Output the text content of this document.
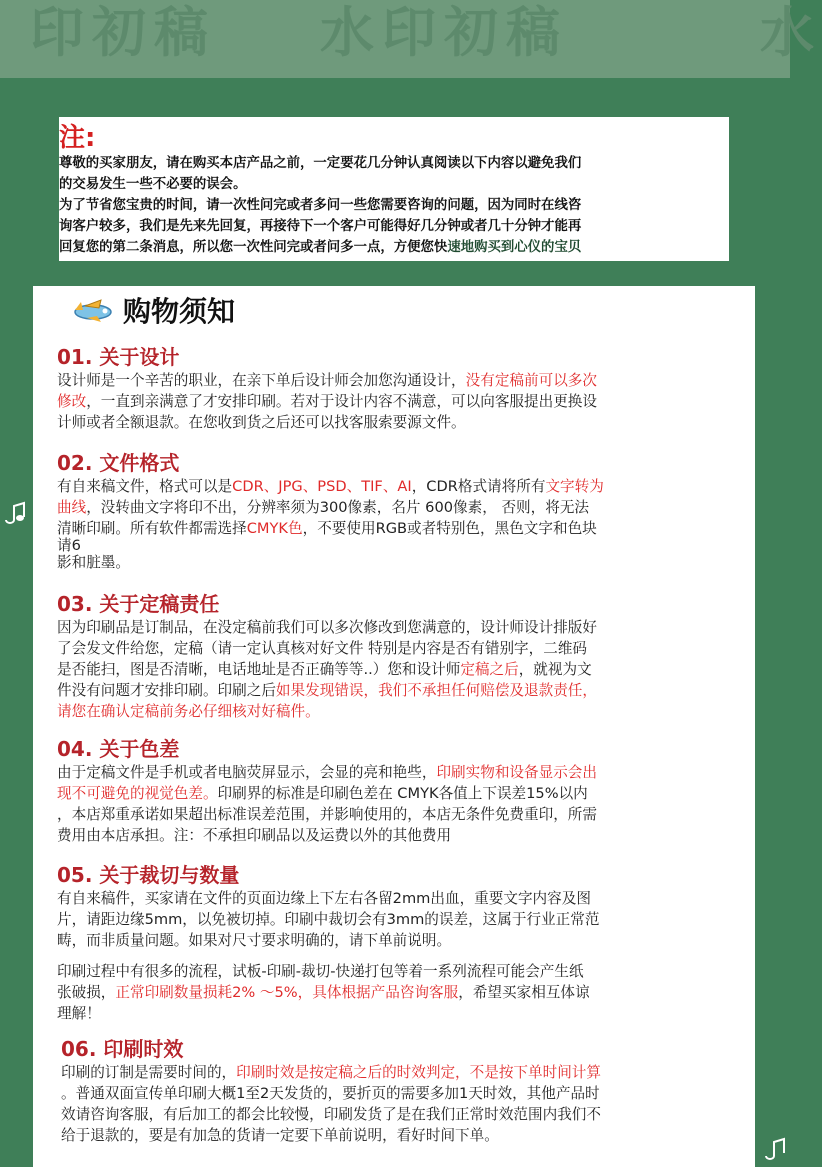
印初稿 水印初稿	水
注:
尊敬的买家朋友，请在购买本店产品之前，一定要花几分钟认真阅读以下内容以避免我们
的交易发生一些不必要的误会。
为了节省您宝贵的时间，请一次性问完或者多问一些您需要咨询的问题，因为同时在线咨
询客户较多，我们是先来先回复，再接待下一个客户可能得好几分钟或者几十分钟才能再
回复您的第二条消息，所以您一次性问完或者问多一点，方便您快速地购买到心仪的宝贝
购物须知
01. 关于设计
设计师是一个辛苦的职业，在亲下单后设计师会加您沟通设计，没有定稿前可以多次
修改，一直到亲满意了才安排印刷。若对于设计内容不满意，可以向客服提出更换设
计师或者全额退款。在您收到货之后还可以找客服索要源文件。
02. 文件格式
有自来稿文件，格式可以是CDR、JPG、PSD、TIF、AI，CDR格式请将所有文字转为
曲线，没转曲文字将印不出，分辨率须为300像素，名片 600像素， 否则，将无法
清晰印刷。所有软件都需选择CMYK色，不要使用RGB或者特别色，黑色文字和色块
请6
影和脏墨。
03. 关于定稿责任
因为印刷品是订制品，在没定稿前我们可以多次修改到您满意的，设计师设计排版好
了会发文件给您，定稿（请一定认真核对好文件 特别是内容是否有错别字，二维码
是否能扫，图是否清晰，电话地址是否正确等等..）您和设计师定稿之后，就视为文
件没有问题才安排印刷。印刷之后如果发现错误，我们不承担任何赔偿及退款责任，
请您在确认定稿前务必仔细核对好稿件。
04. 关于色差
由于定稿文件是手机或者电脑荧屏显示，会显的亮和艳些，印刷实物和设备显示会出
现不可避免的视觉色差。印刷界的标准是印刷色差在 CMYK各值上下误差15%以内
，本店郑重承诺如果超出标准误差范围，并影响使用的，本店无条件免费重印，所需
费用由本店承担。注：不承担印刷品以及运费以外的其他费用
05. 关于裁切与数量
有自来稿件，买家请在文件的页面边缘上下左右各留2mm出血，重要文字内容及图
片，请距边缘5mm，以免被切掉。印刷中裁切会有3mm的误差，这属于行业正常范
畴，而非质量问题。如果对尺寸要求明确的，请下单前说明。
印刷过程中有很多的流程，试板-印刷-裁切-快递打包等着一系列流程可能会产生纸
张破损，正常印刷数量损耗2% ～5%，具体根据产品咨询客服，希望买家相互体谅
理解！
06. 印刷时效
印刷的订制是需要时间的，印刷时效是按定稿之后的时效判定，不是按下单时间计算
。普通双面宣传单印刷大概1至2天发货的，要折页的需要多加1天时效，其他产品时
效请咨询客服，有后加工的都会比较慢，印刷发货了是在我们正常时效范围内我们不
给于退款的，要是有加急的货请一定要下单前说明，看好时间下单。
